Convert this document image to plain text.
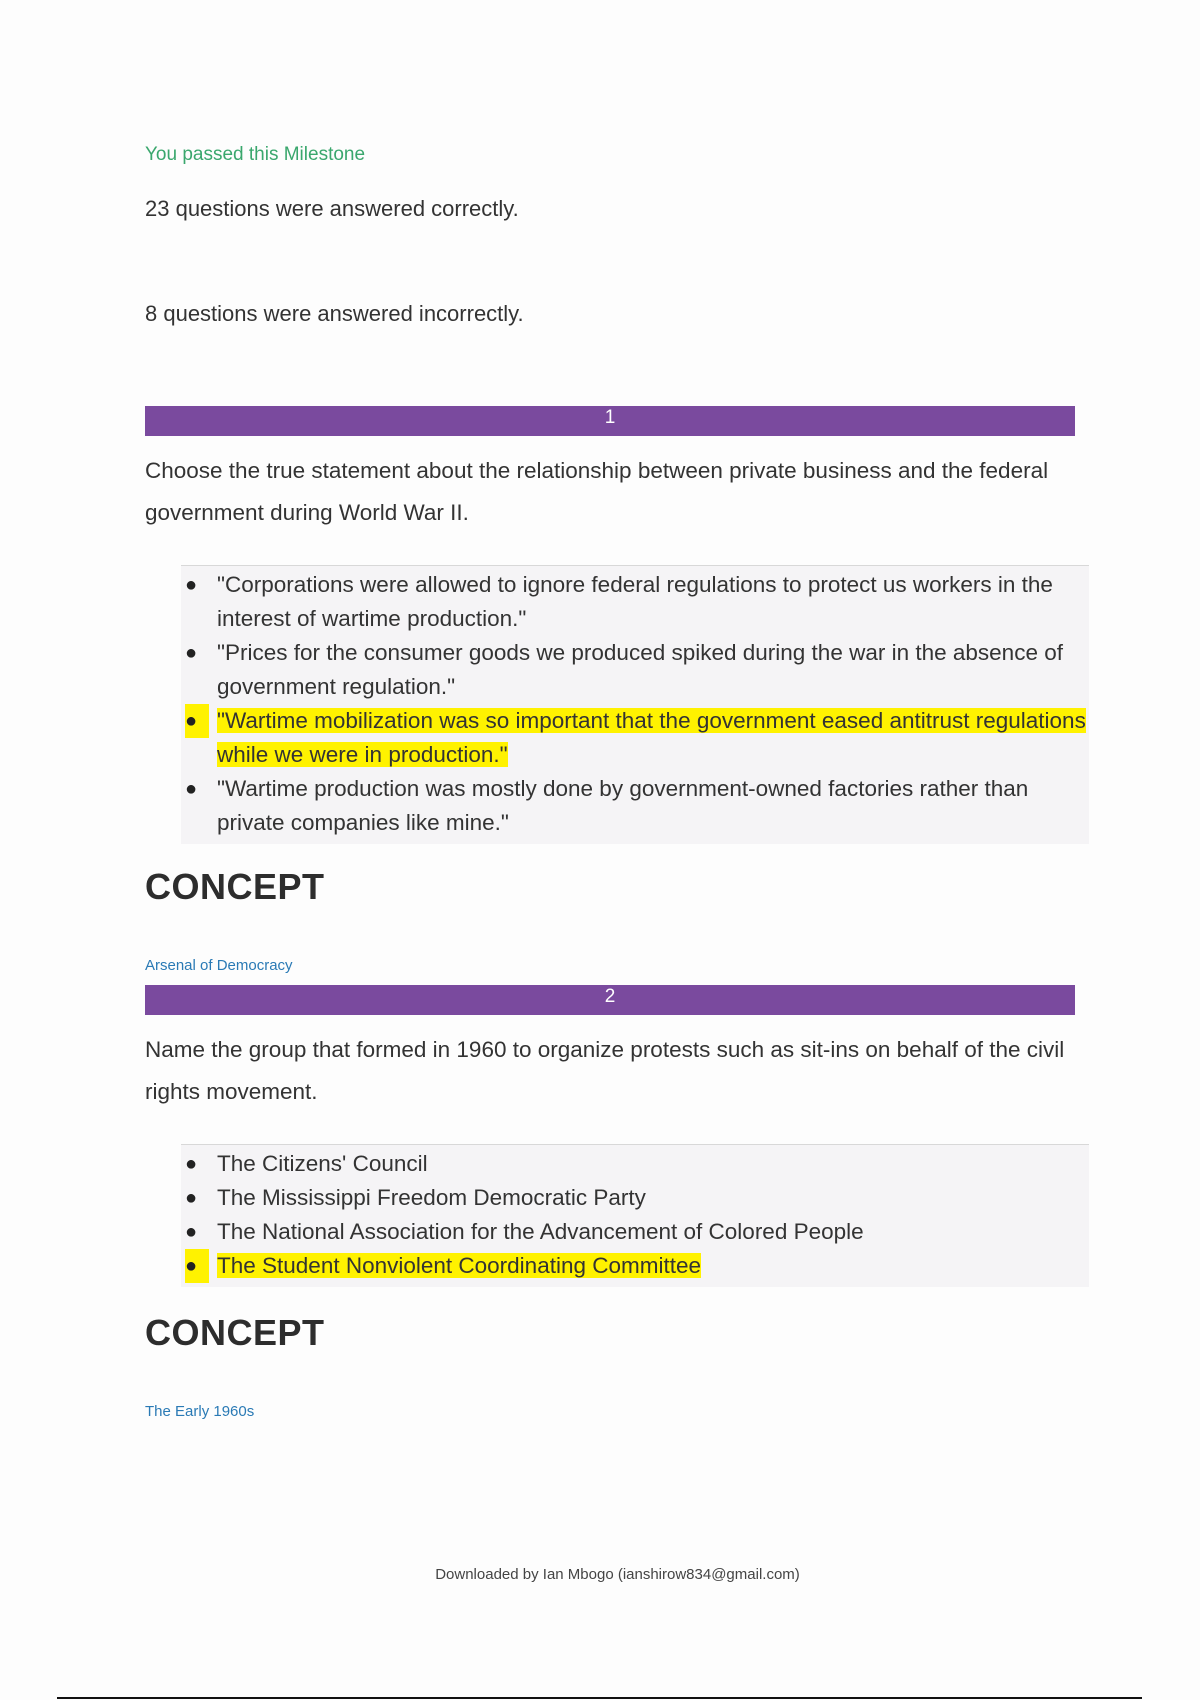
You passed this Milestone
23 questions were answered correctly.
8 questions were answered incorrectly.
1
Choose the true statement about the relationship between private business and the federal government during World War II.
● "Corporations were allowed to ignore federal regulations to protect us workers in the interest of wartime production."
● "Prices for the consumer goods we produced spiked during the war in the absence of government regulation."
● "Wartime mobilization was so important that the government eased antitrust regulations while we were in production."
● "Wartime production was mostly done by government-owned factories rather than private companies like mine."
CONCEPT
Arsenal of Democracy
2
Name the group that formed in 1960 to organize protests such as sit-ins on behalf of the civil rights movement.
● The Citizens' Council
● The Mississippi Freedom Democratic Party
● The National Association for the Advancement of Colored People
● The Student Nonviolent Coordinating Committee
CONCEPT
The Early 1960s
Downloaded by Ian Mbogo (ianshirow834@gmail.com)
